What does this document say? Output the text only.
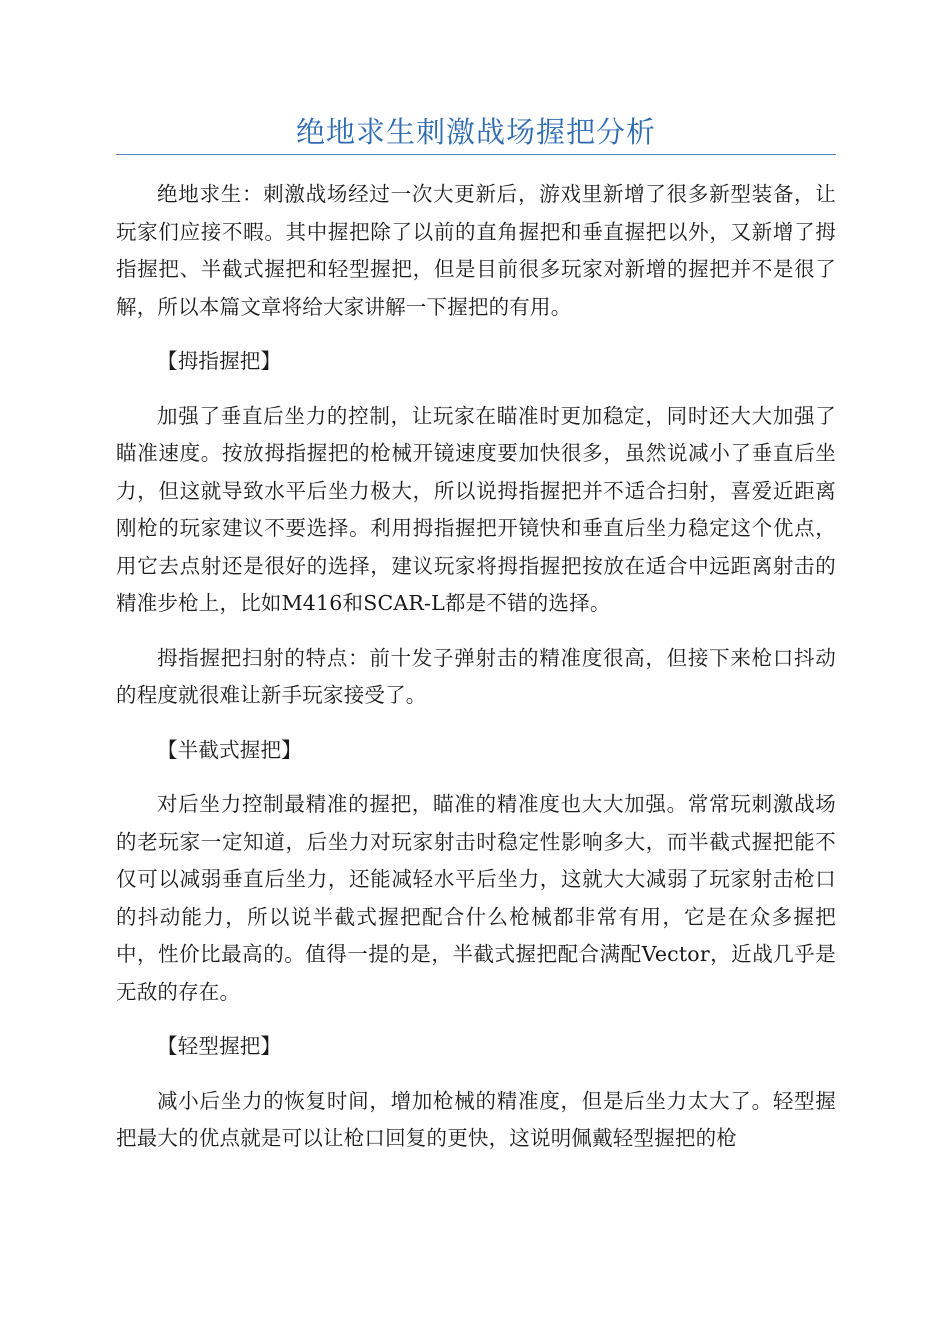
绝地求生刺激战场握把分析

绝地求生：刺激战场经过一次大更新后，游戏里新增了很多新型装备，让玩家们应接不暇。其中握把除了以前的直角握把和垂直握把以外，又新增了拇指握把、半截式握把和轻型握把，但是目前很多玩家对新增的握把并不是很了解，所以本篇文章将给大家讲解一下握把的有用。

【拇指握把】

加强了垂直后坐力的控制，让玩家在瞄准时更加稳定，同时还大大加强了瞄准速度。按放拇指握把的枪械开镜速度要加快很多，虽然说减小了垂直后坐力，但这就导致水平后坐力极大，所以说拇指握把并不适合扫射，喜爱近距离刚枪的玩家建议不要选择。利用拇指握把开镜快和垂直后坐力稳定这个优点，用它去点射还是很好的选择，建议玩家将拇指握把按放在适合中远距离射击的精准步枪上，比如M416和SCAR-L都是不错的选择。

拇指握把扫射的特点：前十发子弹射击的精准度很高，但接下来枪口抖动的程度就很难让新手玩家接受了。

【半截式握把】

对后坐力控制最精准的握把，瞄准的精准度也大大加强。常常玩刺激战场的老玩家一定知道，后坐力对玩家射击时稳定性影响多大，而半截式握把能不仅可以减弱垂直后坐力，还能减轻水平后坐力，这就大大减弱了玩家射击枪口的抖动能力，所以说半截式握把配合什么枪械都非常有用，它是在众多握把中，性价比最高的。值得一提的是，半截式握把配合满配Vector，近战几乎是无敌的存在。

【轻型握把】

减小后坐力的恢复时间，增加枪械的精准度，但是后坐力太大了。轻型握把最大的优点就是可以让枪口回复的更快，这说明佩戴轻型握把的枪
